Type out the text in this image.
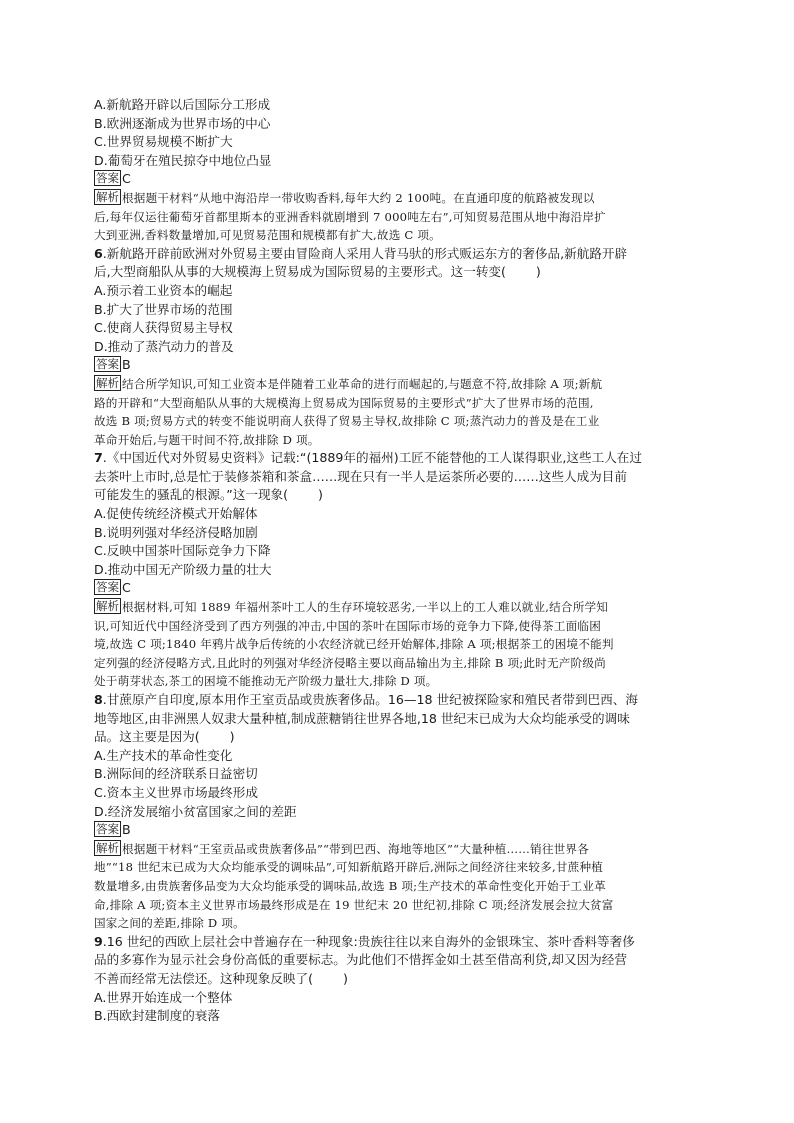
A.新航路开辟以后国际分工形成
B.欧洲逐渐成为世界市场的中心
C.世界贸易规模不断扩大
D.葡萄牙在殖民掠夺中地位凸显
答案 C
解析 根据题干材料“从地中海沿岸一带收购香料,每年大约 2 100吨。在直通印度的航路被发现以
后,每年仅运往葡萄牙首都里斯本的亚洲香料就剧增到 7 000吨左右”,可知贸易范围从地中海沿岸扩
大到亚洲,香料数量增加,可见贸易范围和规模都有扩大,故选 C 项。
6.新航路开辟前欧洲对外贸易主要由冒险商人采用人背马驮的形式贩运东方的奢侈品,新航路开辟
后,大型商船队从事的大规模海上贸易成为国际贸易的主要形式。这一转变( )
A.预示着工业资本的崛起
B.扩大了世界市场的范围
C.使商人获得贸易主导权
D.推动了蒸汽动力的普及
答案 B
解析 结合所学知识,可知工业资本是伴随着工业革命的进行而崛起的,与题意不符,故排除 A 项;新航
路的开辟和“大型商船队从事的大规模海上贸易成为国际贸易的主要形式”扩大了世界市场的范围,
故选 B 项;贸易方式的转变不能说明商人获得了贸易主导权,故排除 C 项;蒸汽动力的普及是在工业
革命开始后,与题干时间不符,故排除 D 项。
7.《中国近代对外贸易史资料》记载:“(1889年的福州)工匠不能替他的工人谋得职业,这些工人在过
去茶叶上市时,总是忙于装修茶箱和茶盒……现在只有一半人是运茶所必要的……这些人成为目前
可能发生的骚乱的根源。”这一现象( )
A.促使传统经济模式开始解体
B.说明列强对华经济侵略加剧
C.反映中国茶叶国际竞争力下降
D.推动中国无产阶级力量的壮大
答案 C
解析 根据材料,可知 1889 年福州茶叶工人的生存环境较恶劣,一半以上的工人难以就业,结合所学知
识,可知近代中国经济受到了西方列强的冲击,中国的茶叶在国际市场的竞争力下降,使得茶工面临困
境,故选 C 项;1840 年鸦片战争后传统的小农经济就已经开始解体,排除 A 项;根据茶工的困境不能判
定列强的经济侵略方式,且此时的列强对华经济侵略主要以商品输出为主,排除 B 项;此时无产阶级尚
处于萌芽状态,茶工的困境不能推动无产阶级力量壮大,排除 D 项。
8.甘蔗原产自印度,原本用作王室贡品或贵族奢侈品。16—18 世纪被探险家和殖民者带到巴西、海
地等地区,由非洲黑人奴隶大量种植,制成蔗糖销往世界各地,18 世纪末已成为大众均能承受的调味
品。这主要是因为( )
A.生产技术的革命性变化
B.洲际间的经济联系日益密切
C.资本主义世界市场最终形成
D.经济发展缩小贫富国家之间的差距
答案 B
解析 根据题干材料“王室贡品或贵族奢侈品”“带到巴西、海地等地区”“大量种植……销往世界各
地”“18 世纪末已成为大众均能承受的调味品”,可知新航路开辟后,洲际之间经济往来较多,甘蔗种植
数量增多,由贵族奢侈品变为大众均能承受的调味品,故选 B 项;生产技术的革命性变化开始于工业革
命,排除 A 项;资本主义世界市场最终形成是在 19 世纪末 20 世纪初,排除 C 项;经济发展会拉大贫富
国家之间的差距,排除 D 项。
9.16 世纪的西欧上层社会中普遍存在一种现象:贵族往往以来自海外的金银珠宝、茶叶香料等奢侈
品的多寡作为显示社会身份高低的重要标志。为此他们不惜挥金如土甚至借高利贷,却又因为经营
不善而经常无法偿还。这种现象反映了( )
A.世界开始连成一个整体
B.西欧封建制度的衰落
